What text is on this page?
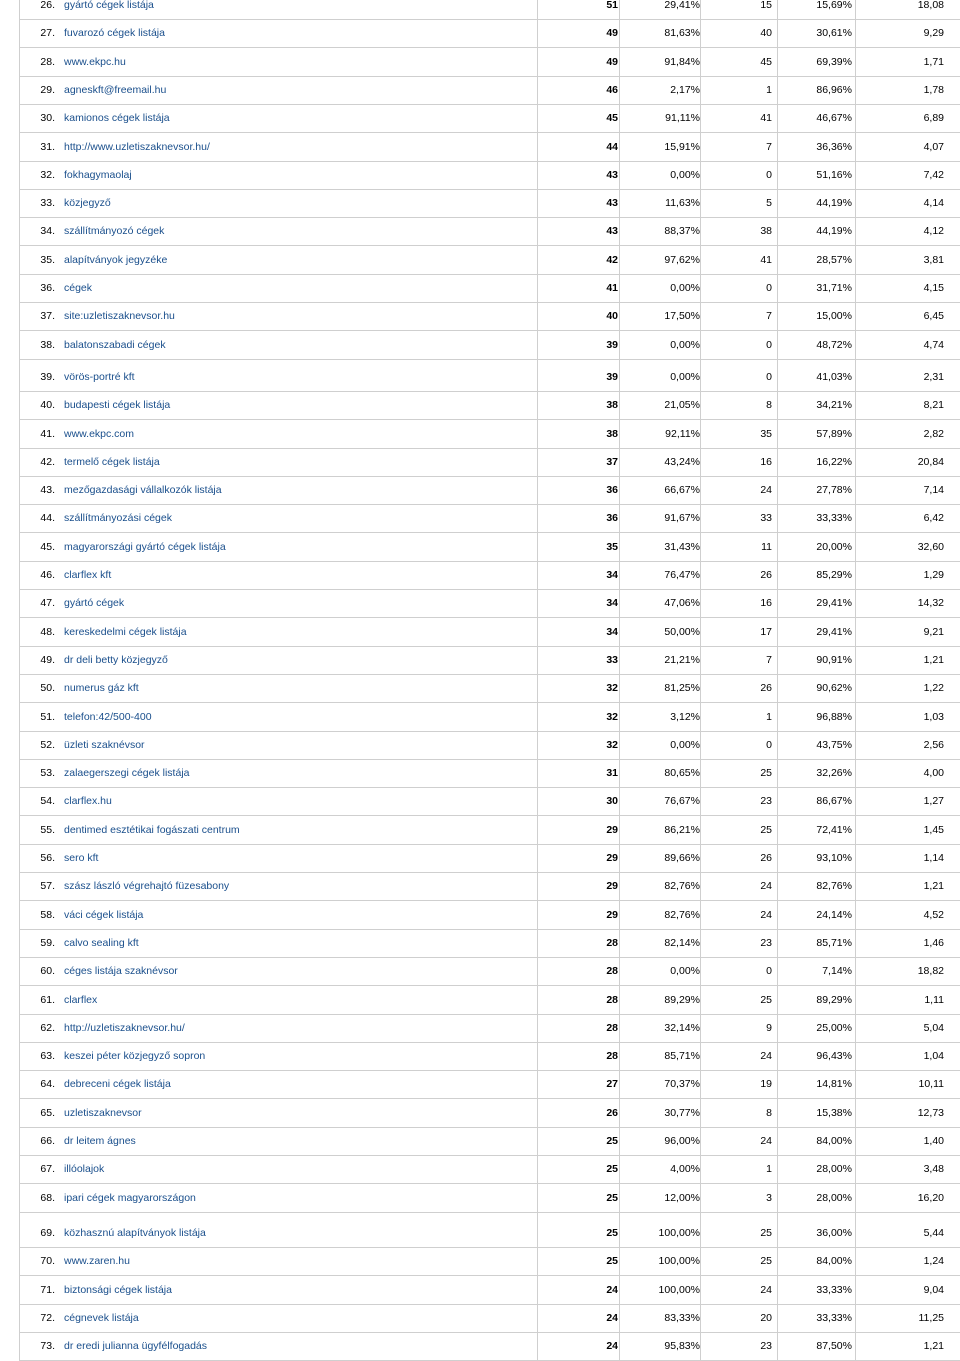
26. gyártó cégek listája	51	29,41%	15	15,69%	18,08
27. fuvarozó cégek listája	49	81,63%	40	30,61%	9,29
28. www.ekpc.hu	49	91,84%	45	69,39%	1,71
29. agneskft@freemail.hu	46	2,17%	1	86,96%	1,78
30. kamionos cégek listája	45	91,11%	41	46,67%	6,89
31. http://www.uzletiszaknevsor.hu/	44	15,91%	7	36,36%	4,07
32. fokhagymaolaj	43	0,00%	0	51,16%	7,42
33. közjegyző	43	11,63%	5	44,19%	4,14
34. szállítmányozó cégek	43	88,37%	38	44,19%	4,12
35. alapítványok jegyzéke	42	97,62%	41	28,57%	3,81
36. cégek	41	0,00%	0	31,71%	4,15
37. site:uzletiszaknevsor.hu	40	17,50%	7	15,00%	6,45
38. balatonszabadi cégek	39	0,00%	0	48,72%	4,74
39. vörös-portré kft	39	0,00%	0	41,03%	2,31
40. budapesti cégek listája	38	21,05%	8	34,21%	8,21
41. www.ekpc.com	38	92,11%	35	57,89%	2,82
42. termelő cégek listája	37	43,24%	16	16,22%	20,84
43. mezőgazdasági vállalkozók listája	36	66,67%	24	27,78%	7,14
44. szállítmányozási cégek	36	91,67%	33	33,33%	6,42
45. magyarországi gyártó cégek listája	35	31,43%	11	20,00%	32,60
46. clarflex kft	34	76,47%	26	85,29%	1,29
47. gyártó cégek	34	47,06%	16	29,41%	14,32
48. kereskedelmi cégek listája	34	50,00%	17	29,41%	9,21
49. dr deli betty közjegyző	33	21,21%	7	90,91%	1,21
50. numerus gáz kft	32	81,25%	26	90,62%	1,22
51. telefon:42/500-400	32	3,12%	1	96,88%	1,03
52. üzleti szaknévsor	32	0,00%	0	43,75%	2,56
53. zalaegerszegi cégek listája	31	80,65%	25	32,26%	4,00
54. clarflex.hu	30	76,67%	23	86,67%	1,27
55. dentimed esztétikai fogászati centrum	29	86,21%	25	72,41%	1,45
56. sero kft	29	89,66%	26	93,10%	1,14
57. szász lászló végrehajtó füzesabony	29	82,76%	24	82,76%	1,21
58. váci cégek listája	29	82,76%	24	24,14%	4,52
59. calvo sealing kft	28	82,14%	23	85,71%	1,46
60. céges listája szaknévsor	28	0,00%	0	7,14%	18,82
61. clarflex	28	89,29%	25	89,29%	1,11
62. http://uzletiszaknevsor.hu/	28	32,14%	9	25,00%	5,04
63. keszei péter közjegyző sopron	28	85,71%	24	96,43%	1,04
64. debreceni cégek listája	27	70,37%	19	14,81%	10,11
65. uzletiszaknevsor	26	30,77%	8	15,38%	12,73
66. dr leitem ágnes	25	96,00%	24	84,00%	1,40
67. illóolajok	25	4,00%	1	28,00%	3,48
68. ipari cégek magyarországon	25	12,00%	3	28,00%	16,20
69. közhasznú alapítványok listája	25	100,00%	25	36,00%	5,44
70. www.zaren.hu	25	100,00%	25	84,00%	1,24
71. biztonsági cégek listája	24	100,00%	24	33,33%	9,04
72. cégnevek listája	24	83,33%	20	33,33%	11,25
73. dr eredi julianna ügyfélfogadás	24	95,83%	23	87,50%	1,21
